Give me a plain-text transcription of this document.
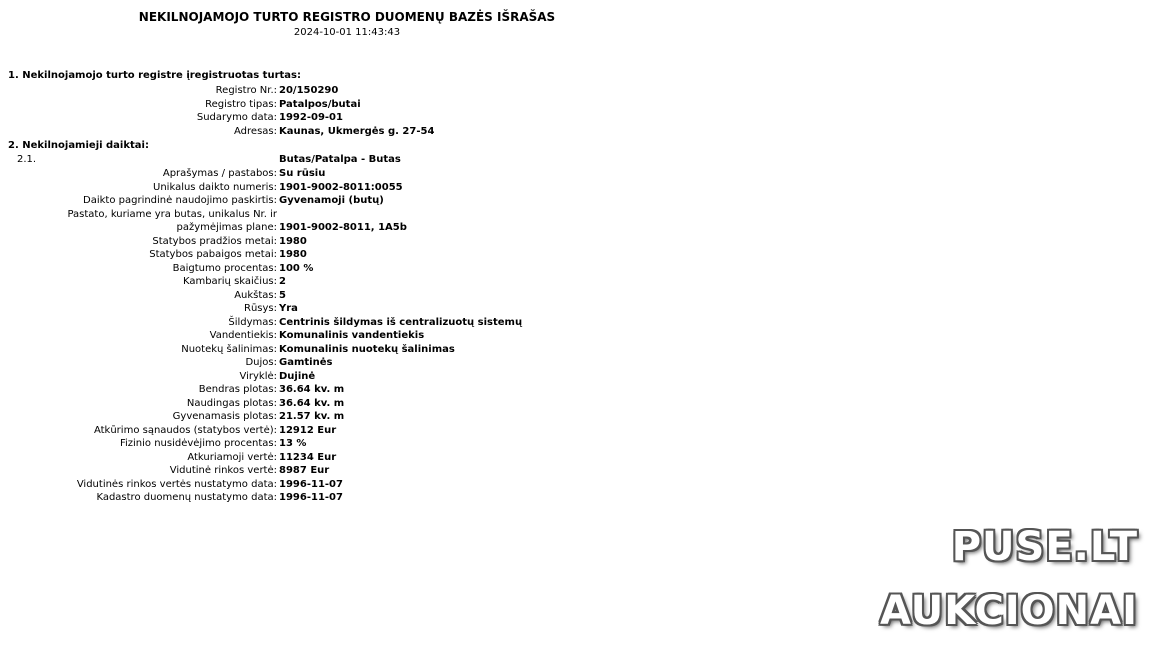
NEKILNOJAMOJO TURTO REGISTRO DUOMENŲ BAZĖS IŠRAŠAS
2024-10-01 11:43:43
1. Nekilnojamojo turto registre įregistruotas turtas:
Registro Nr.: 20/150290
Registro tipas: Patalpos/butai
Sudarymo data: 1992-09-01
Adresas: Kaunas, Ukmergės g. 27-54
2. Nekilnojamieji daiktai:
2.1.	Butas/Patalpa - Butas
Aprašymas / pastabos: Su rūsiu
Unikalus daikto numeris: 1901-9002-8011:0055
Daikto pagrindinė naudojimo paskirtis: Gyvenamoji (butų)
Pastato, kuriame yra butas, unikalus Nr. ir
pažymėjimas plane: 1901-9002-8011, 1A5b
Statybos pradžios metai: 1980
Statybos pabaigos metai: 1980
Baigtumo procentas: 100 %
Kambarių skaičius: 2
Aukštas: 5
Rūsys: Yra
Šildymas: Centrinis šildymas iš centralizuotų sistemų
Vandentiekis: Komunalinis vandentiekis
Nuotekų šalinimas: Komunalinis nuotekų šalinimas
Dujos: Gamtinės
Viryklė: Dujinė
Bendras plotas: 36.64 kv. m
Naudingas plotas: 36.64 kv. m
Gyvenamasis plotas: 21.57 kv. m
Atkūrimo sąnaudos (statybos vertė): 12912 Eur
Fizinio nusidėvėjimo procentas: 13 %
Atkuriamoji vertė: 11234 Eur
Vidutinė rinkos vertė: 8987 Eur
Vidutinės rinkos vertės nustatymo data: 1996-11-07
Kadastro duomenų nustatymo data: 1996-11-07
PUSE.LT
AUKCIONAI
